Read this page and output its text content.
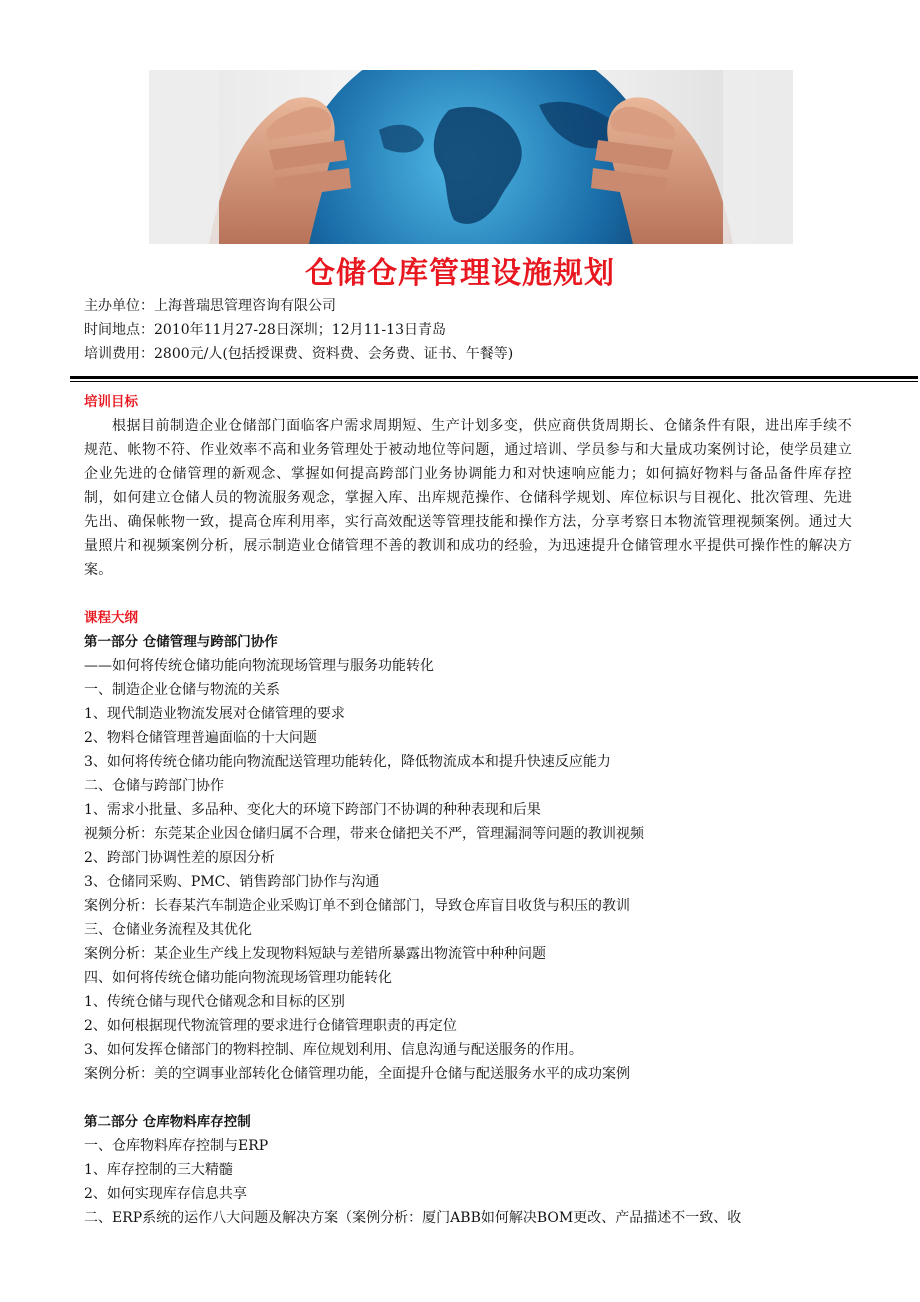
仓储仓库管理设施规划
主办单位：上海普瑞思管理咨询有限公司
时间地点：2010年11月27-28日深圳；12月11-13日青岛
培训费用：2800元/人(包括授课费、资料费、会务费、证书、午餐等)
培训目标
根据目前制造企业仓储部门面临客户需求周期短、生产计划多变，供应商供货周期长、仓储条件有限，进出库手续不规范、帐物不符、作业效率不高和业务管理处于被动地位等问题，通过培训、学员参与和大量成功案例讨论，使学员建立企业先进的仓储管理的新观念、掌握如何提高跨部门业务协调能力和对快速响应能力；如何搞好物料与备品备件库存控制，如何建立仓储人员的物流服务观念，掌握入库、出库规范操作、仓储科学规划、库位标识与目视化、批次管理、先进先出、确保帐物一致，提高仓库利用率，实行高效配送等管理技能和操作方法，分享考察日本物流管理视频案例。通过大量照片和视频案例分析，展示制造业仓储管理不善的教训和成功的经验，为迅速提升仓储管理水平提供可操作性的解决方案。
课程大纲
第一部分 仓储管理与跨部门协作
——如何将传统仓储功能向物流现场管理与服务功能转化
一、制造企业仓储与物流的关系
1、现代制造业物流发展对仓储管理的要求
2、物料仓储管理普遍面临的十大问题
3、如何将传统仓储功能向物流配送管理功能转化，降低物流成本和提升快速反应能力
二、仓储与跨部门协作
1、需求小批量、多品种、变化大的环境下跨部门不协调的种种表现和后果
视频分析：东莞某企业因仓储归属不合理，带来仓储把关不严，管理漏洞等问题的教训视频
2、跨部门协调性差的原因分析
3、仓储同采购、PMC、销售跨部门协作与沟通
案例分析：长春某汽车制造企业采购订单不到仓储部门，导致仓库盲目收货与积压的教训
三、仓储业务流程及其优化
案例分析：某企业生产线上发现物料短缺与差错所暴露出物流管中种种问题
四、如何将传统仓储功能向物流现场管理功能转化
1、传统仓储与现代仓储观念和目标的区别
2、如何根据现代物流管理的要求进行仓储管理职责的再定位
3、如何发挥仓储部门的物料控制、库位规划利用、信息沟通与配送服务的作用。
案例分析：美的空调事业部转化仓储管理功能，全面提升仓储与配送服务水平的成功案例
第二部分 仓库物料库存控制
一、仓库物料库存控制与ERP
1、库存控制的三大精髓
2、如何实现库存信息共享
二、ERP系统的运作八大问题及解决方案（案例分析：厦门ABB如何解决BOM更改、产品描述不一致、收
